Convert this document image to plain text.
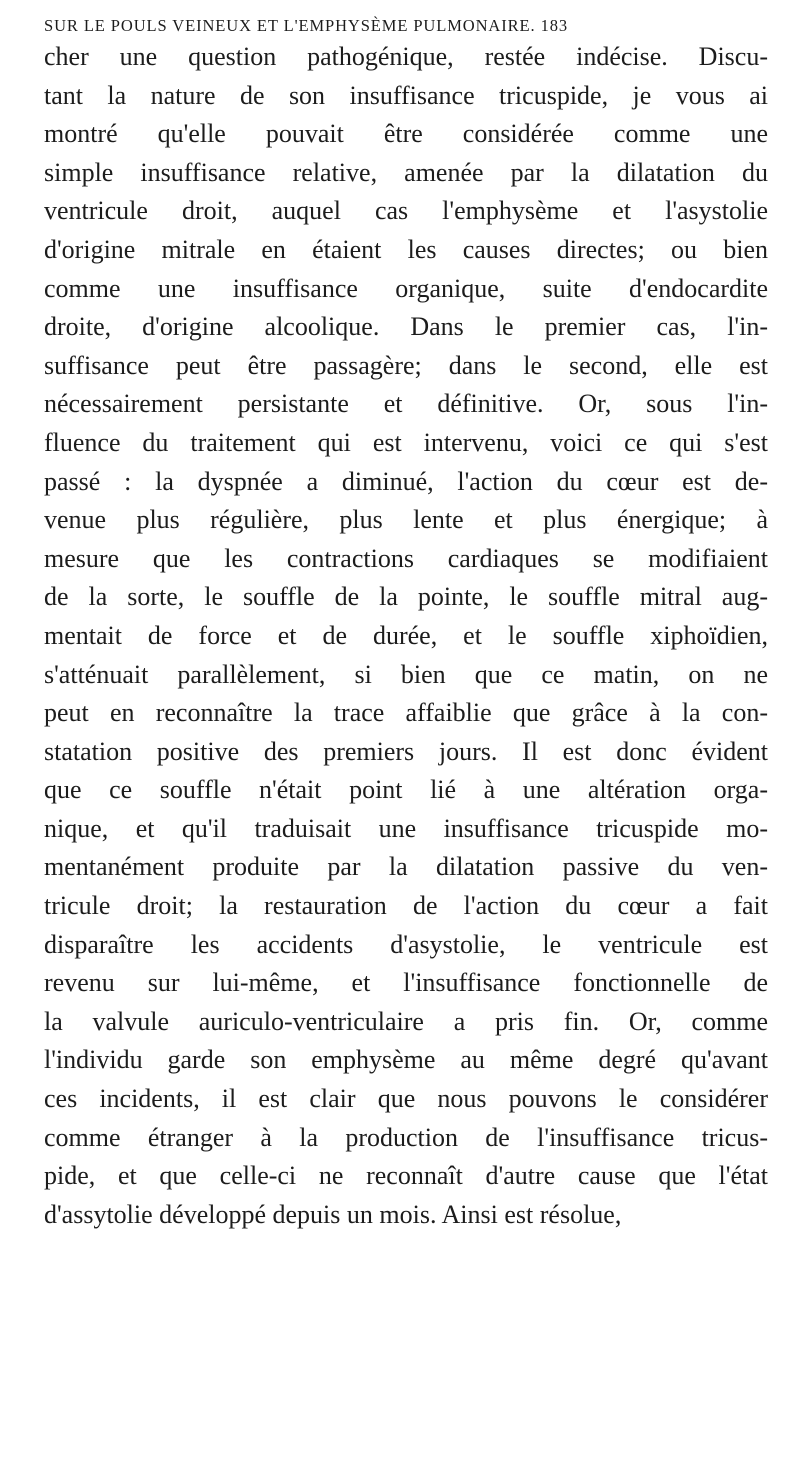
SUR LE POULS VEINEUX ET L'EMPHYSÈME PULMONAIRE. 183
cher une question pathogénique, restée indécise. Discu-
tant la nature de son insuffisance tricuspide, je vous ai
montré qu'elle pouvait être considérée comme une
simple insuffisance relative, amenée par la dilatation du
ventricule droit, auquel cas l'emphysème et l'asystolie
d'origine mitrale en étaient les causes directes; ou bien
comme une insuffisance organique, suite d'endocardite
droite, d'origine alcoolique. Dans le premier cas, l'in-
suffisance peut être passagère; dans le second, elle est
nécessairement persistante et définitive. Or, sous l'in-
fluence du traitement qui est intervenu, voici ce qui s'est
passé : la dyspnée a diminué, l'action du cœur est de-
venue plus régulière, plus lente et plus énergique; à
mesure que les contractions cardiaques se modifiaient
de la sorte, le souffle de la pointe, le souffle mitral aug-
mentait de force et de durée, et le souffle xiphoïdien,
s'atténuait parallèlement, si bien que ce matin, on ne
peut en reconnaître la trace affaiblie que grâce à la con-
statation positive des premiers jours. Il est donc évident
que ce souffle n'était point lié à une altération orga-
nique, et qu'il traduisait une insuffisance tricuspide mo-
mentanément produite par la dilatation passive du ven-
tricule droit; la restauration de l'action du cœur a fait
disparaître les accidents d'asystolie, le ventricule est
revenu sur lui-même, et l'insuffisance fonctionnelle de
la valvule auriculo-ventriculaire a pris fin. Or, comme
l'individu garde son emphysème au même degré qu'avant
ces incidents, il est clair que nous pouvons le considérer
comme étranger à la production de l'insuffisance tricus-
pide, et que celle-ci ne reconnaît d'autre cause que l'état
d'assytolie développé depuis un mois. Ainsi est résolue,
